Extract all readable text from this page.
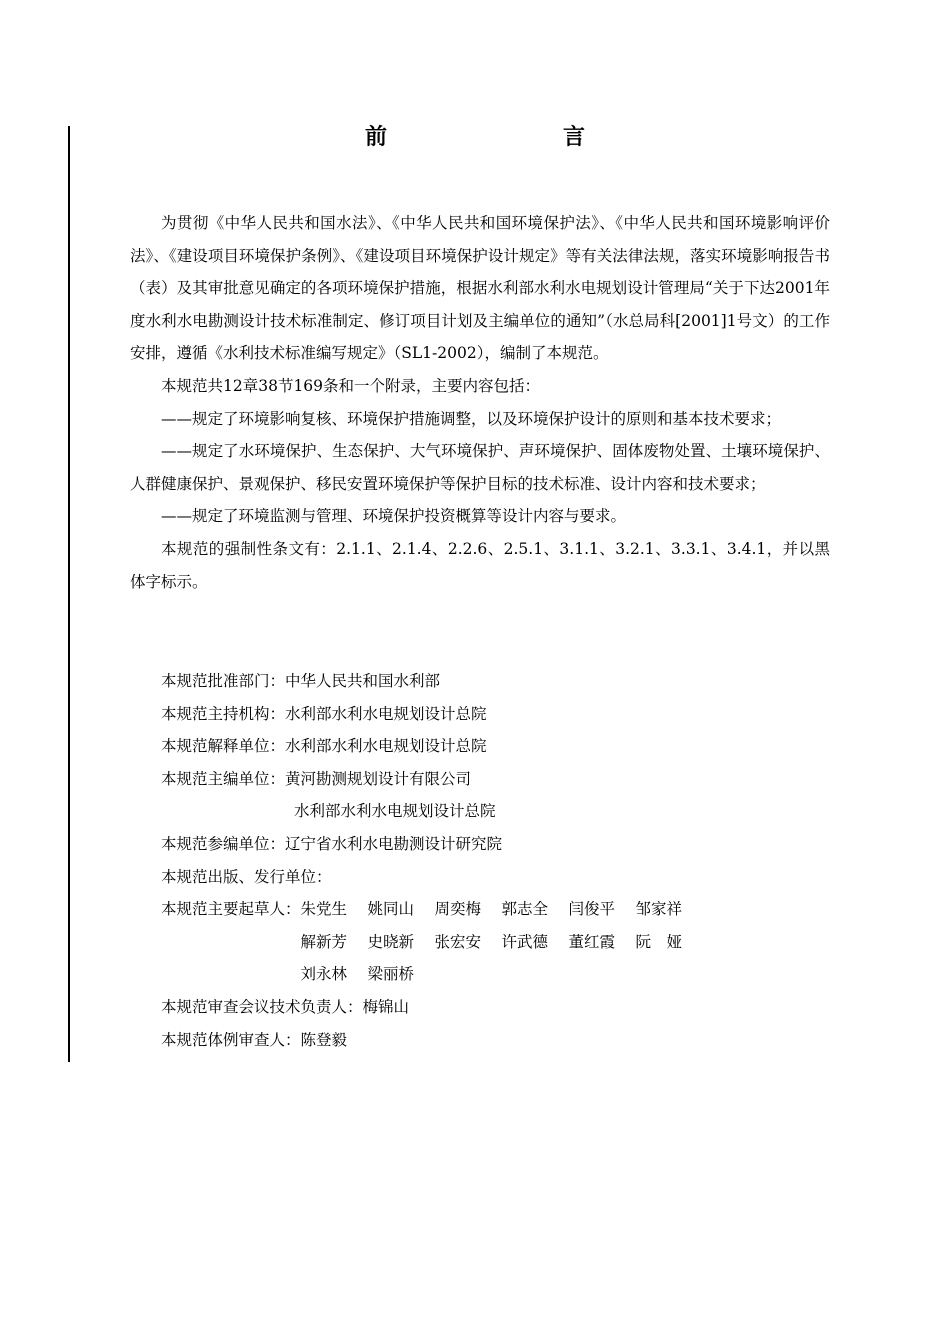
前　　言

为贯彻《中华人民共和国水法》、《中华人民共和国环境保护法》、《中华人民共和国环境影响评价法》、《建设项目环境保护条例》、《建设项目环境保护设计规定》等有关法律法规，落实环境影响报告书（表）及其审批意见确定的各项环境保护措施，根据水利部水利水电规划设计管理局“关于下达2001年度水利水电勘测设计技术标准制定、修订项目计划及主编单位的通知”（水总局科[2001]1号文）的工作安排，遵循《水利技术标准编写规定》（SL1-2002），编制了本规范。

本规范共12章38节169条和一个附录，主要内容包括：

——规定了环境影响复核、环境保护措施调整，以及环境保护设计的原则和基本技术要求；

——规定了水环境保护、生态保护、大气环境保护、声环境保护、固体废物处置、土壤环境保护、人群健康保护、景观保护、移民安置环境保护等保护目标的技术标准、设计内容和技术要求；

——规定了环境监测与管理、环境保护投资概算等设计内容与要求。

本规范的强制性条文有：2.1.1、2.1.4、2.2.6、2.5.1、3.1.1、3.2.1、3.3.1、3.4.1，并以黑体字标示。

本规范批准部门：中华人民共和国水利部
本规范主持机构：水利部水利水电规划设计总院
本规范解释单位：水利部水利水电规划设计总院
本规范主编单位：黄河勘测规划设计有限公司
水利部水利水电规划设计总院
本规范参编单位：辽宁省水利水电勘测设计研究院
本规范出版、发行单位：
本规范主要起草人： 朱党生 姚同山 周奕梅 郭志全 闫俊平 邹家祥
解新芳 史晓新 张宏安 许武德 董红霞 阮　娅
刘永林 梁丽桥
本规范审查会议技术负责人：梅锦山
本规范体例审查人：陈登毅
